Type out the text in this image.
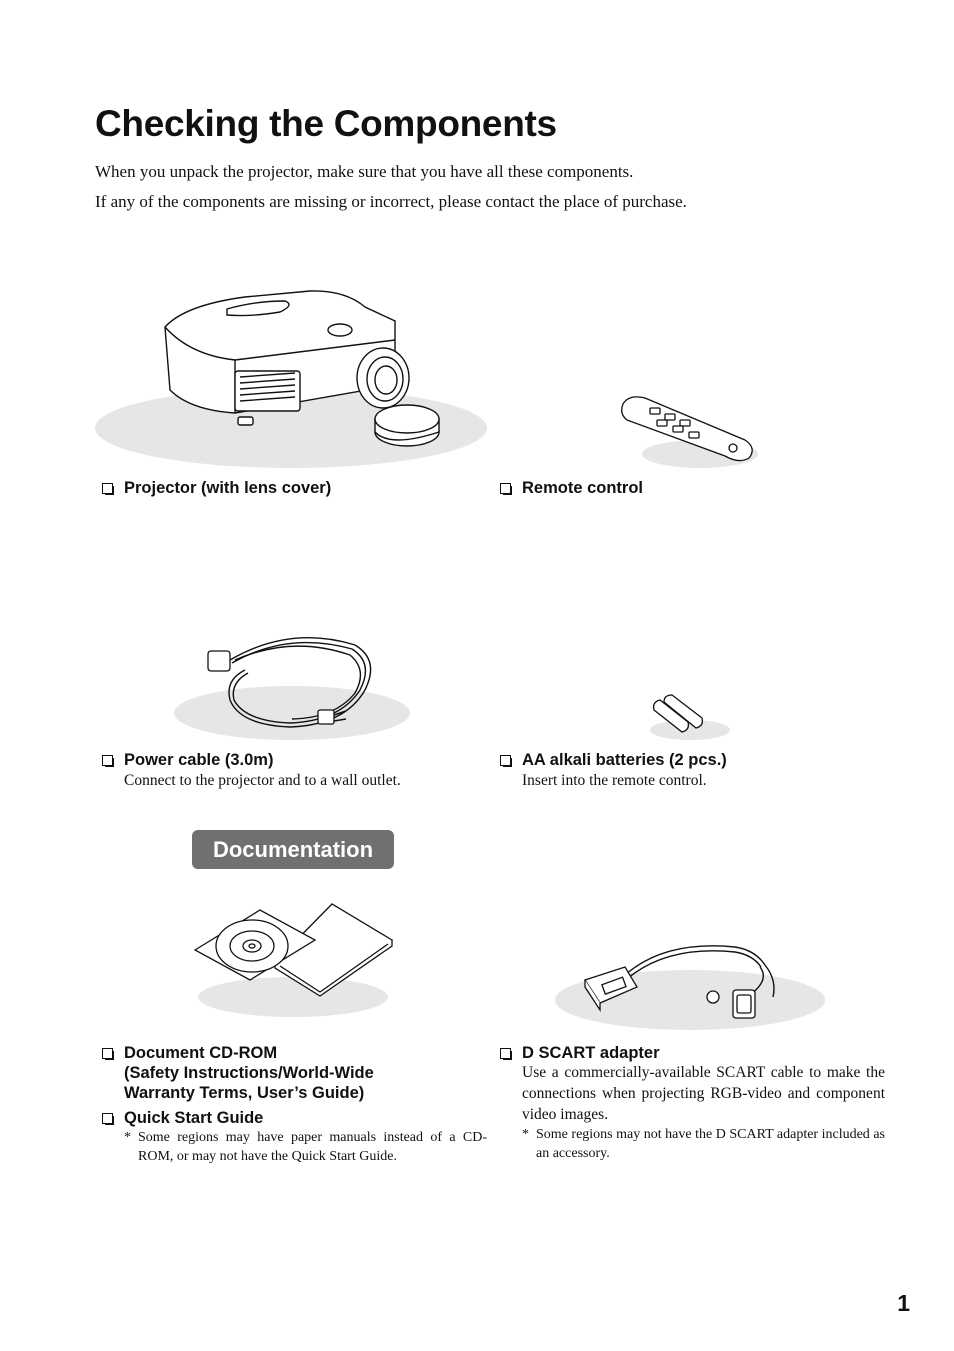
Checking the Components
When you unpack the projector, make sure that you have all these components.
If any of the components are missing or incorrect, please contact the place of purchase.
Projector (with lens cover)	Remote control
Power cable (3.0m)
Connect to the projector and to a wall outlet.
AA alkali batteries (2 pcs.)
Insert into the remote control.
Documentation
Document CD-ROM
(Safety Instructions/World-Wide
Warranty Terms, User’s Guide)
Quick Start Guide
* Some regions may have paper manuals instead of a CD-ROM, or may not have the Quick Start Guide.
D SCART adapter
Use a commercially-available SCART cable to make the connections when projecting RGB-video and component video images.
* Some regions may not have the D SCART adapter included as an accessory.
1
